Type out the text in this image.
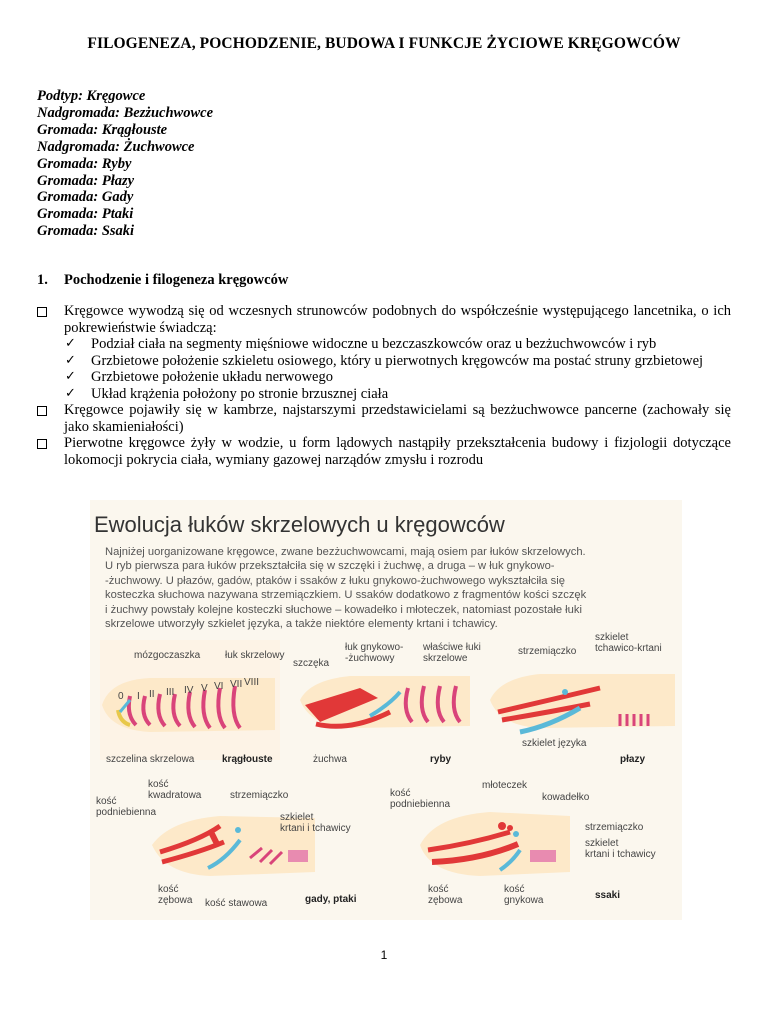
FILOGENEZA, POCHODZENIE, BUDOWA I FUNKCJE ŻYCIOWE KRĘGOWCÓW
Podtyp: Kręgowce
Nadgromada: Bezżuchwowce
Gromada: Krągłouste
Nadgromada: Żuchwowce
Gromada: Ryby
Gromada: Płazy
Gromada: Gady
Gromada: Ptaki
Gromada: Ssaki
1. Pochodzenie i filogeneza kręgowców
Kręgowce wywodzą się od wczesnych strunowców podobnych do współcześnie występującego lancetnika, o ich pokrewieństwie świadczą:
✓ Podział ciała na segmenty mięśniowe widoczne u bezczaszkowców oraz u bezżuchwowców i ryb
✓ Grzbietowe położenie szkieletu osiowego, który u pierwotnych kręgowców ma postać struny grzbietowej
✓ Grzbietowe położenie układu nerwowego
✓ Układ krążenia położony po stronie brzusznej ciała
Kręgowce pojawiły się w kambrze, najstarszymi przedstawicielami są bezżuchwowce pancerne (zachowały się jako skamieniałości)
Pierwotne kręgowce żyły w wodzie, u form lądowych nastąpiły przekształcenia budowy i fizjologii dotyczące lokomocji pokrycia ciała, wymiany gazowej narządów zmysłu i rozrodu
mózgoczaszka łuk skrzelowy
0 I II III IV V VI VII VIII
szczelina skrzelowa	krągłouste
szczęka
łuk gnykowo-
-żuchwowy
właściwe łuki
skrzelowe
żuchwa	ryby
strzemiączko
szkielet
tchawico-krtani
szkielet języka
płazy
kość
kwadratowa
kość
podniebienna
strzemiączko
szkielet
krtani i tchawicy
kość
zębowa kość stawowa	gady, ptaki
kość
podniebienna
młoteczek
kowadełko
strzemiączko
szkielet
krtani i tchawicy
kość
zębowa
kość
gnykowa	ssaki
Ewolucja łuków skrzelowych u kręgowców
Najniżej uorganizowane kręgowce, zwane bezżuchwowcami, mają osiem par łuków skrzelowych.
U ryb pierwsza para łuków przekształciła się w szczęki i żuchwę, a druga – w łuk gnykowo-
-żuchwowy. U płazów, gadów, ptaków i ssaków z łuku gnykowo-żuchwowego wykształciła się
kosteczka słuchowa nazywana strzemiączkiem. U ssaków dodatkowo z fragmentów kości szczęk
i żuchwy powstały kolejne kosteczki słuchowe – kowadełko i młoteczek, natomiast pozostałe łuki
skrzelowe utworzyły szkielet języka, a także niektóre elementy krtani i tchawicy.
1
